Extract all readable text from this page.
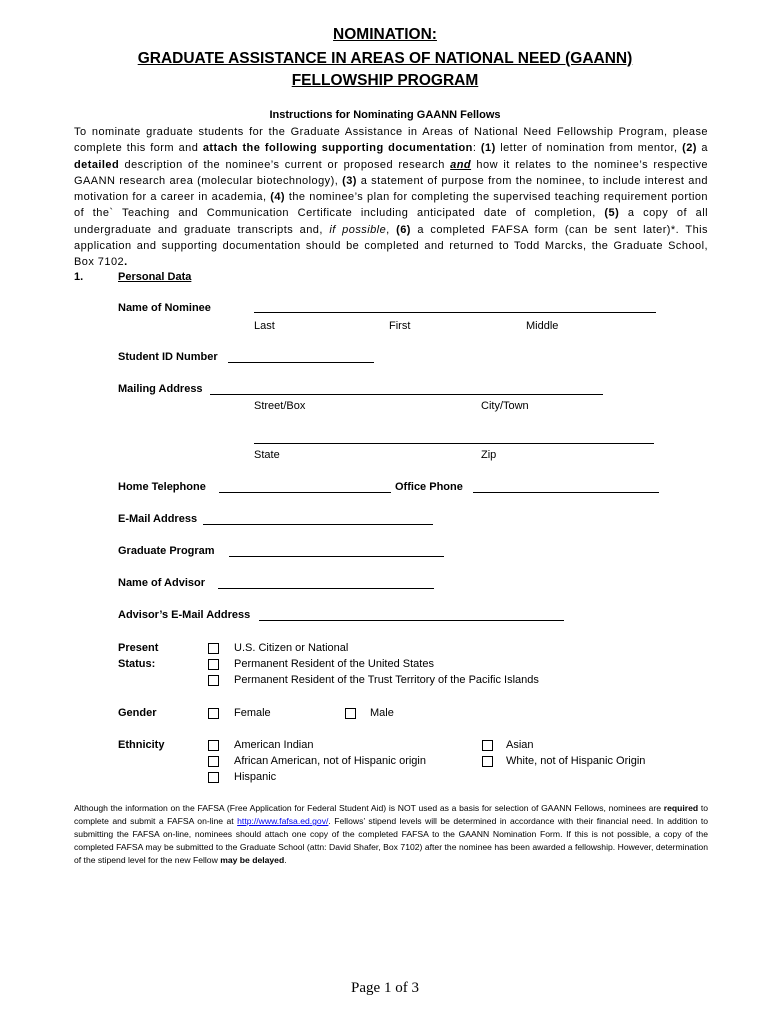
NOMINATION:
GRADUATE ASSISTANCE IN AREAS OF NATIONAL NEED (GAANN)
FELLOWSHIP PROGRAM
Instructions for Nominating GAANN Fellows
To nominate graduate students for the Graduate Assistance in Areas of National Need Fellowship Program, please complete this form and attach the following supporting documentation: (1) letter of nomination from mentor, (2) a detailed description of the nominee’s current or proposed research and how it relates to the nominee’s respective GAANN research area (molecular biotechnology), (3) a statement of purpose from the nominee, to include interest and motivation for a career in academia, (4) the nominee’s plan for completing the supervised teaching requirement portion of the` Teaching and Communication Certificate including anticipated date of completion, (5) a copy of all undergraduate and graduate transcripts and, if possible, (6) a completed FAFSA form (can be sent later)*. This application and supporting documentation should be completed and returned to Todd Marcks, the Graduate School, Box 7102.
1.	Personal Data
Name of Nominee
Last	First	Middle
Student ID Number
Mailing Address
Street/Box	City/Town
State	Zip
Home Telephone	Office Phone
E-Mail Address
Graduate Program
Name of Advisor
Advisor’s E-Mail Address
Present
Status:
U.S. Citizen or National
Permanent Resident of the United States
Permanent Resident of the Trust Territory of the Pacific Islands
Gender	Female	Male
Ethnicity	American Indian
African American, not of Hispanic origin
Hispanic
Asian
White, not of Hispanic Origin
Although the information on the FAFSA (Free Application for Federal Student Aid) is NOT used as a basis for selection of GAANN Fellows, nominees are required to complete and submit a FAFSA on-line at http://www.fafsa.ed.gov/. Fellows’ stipend levels will be determined in accordance with their financial need. In addition to submitting the FAFSA on-line, nominees should attach one copy of the completed FAFSA to the GAANN Nomination Form. If this is not possible, a copy of the completed FAFSA may be submitted to the Graduate School (attn: David Shafer, Box 7102) after the nominee has been awarded a fellowship. However, determination of the stipend level for the new Fellow may be delayed.
Page 1 of 3
